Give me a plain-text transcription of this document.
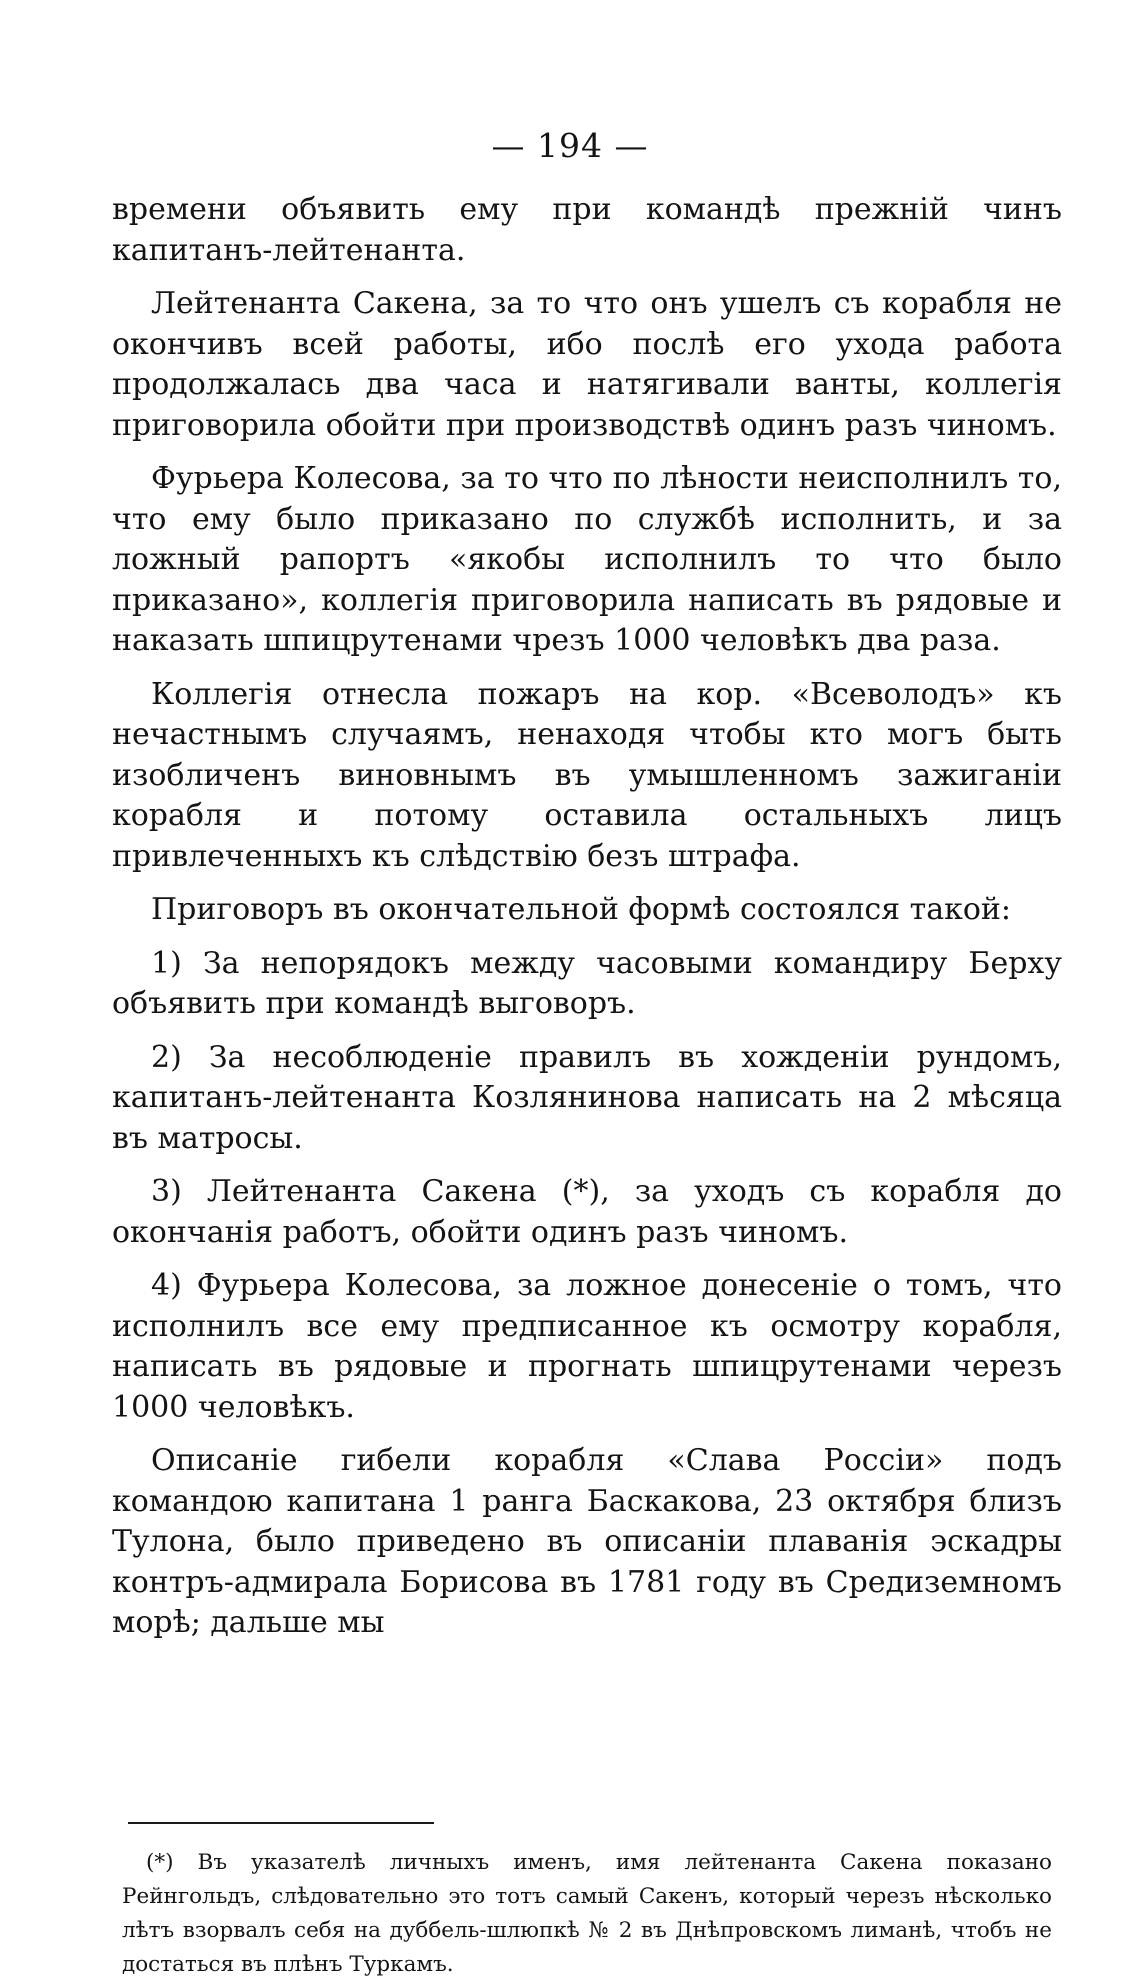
— 194 —

времени объявить ему при командѣ прежній чинъ капитанъ-лейтенанта.

Лейтенанта Сакена, за то что онъ ушелъ съ корабля не окончивъ всей работы, ибо послѣ его ухода работа продолжалась два часа и натягивали ванты, коллегія приговорила обойти при производствѣ одинъ разъ чиномъ.

Фурьера Колесова, за то что по лѣности неисполнилъ то, что ему было приказано по службѣ исполнить, и за ложный рапортъ «якобы исполнилъ то что было приказано», коллегія приговорила написать въ рядовые и наказать шпицрутенами чрезъ 1000 человѣкъ два раза.

Коллегія отнесла пожаръ на кор. «Всеволодъ» къ нечастнымъ случаямъ, ненаходя чтобы кто могъ быть изобличенъ виновнымъ въ умышленномъ зажиганіи корабля и потому оставила остальныхъ лицъ привлеченныхъ къ слѣдствію безъ штрафа.

Приговоръ въ окончательной формѣ состоялся такой:

1) За непорядокъ между часовыми командиру Берху объявить при командѣ выговоръ.

2) За несоблюденіе правилъ въ хожденіи рундомъ, капитанъ-лейтенанта Козлянинова написать на 2 мѣсяца въ матросы.

3) Лейтенанта Сакена (*), за уходъ съ корабля до окончанія работъ, обойти одинъ разъ чиномъ.

4) Фурьера Колесова, за ложное донесеніе о томъ, что исполнилъ все ему предписанное къ осмотру корабля, написать въ рядовые и прогнать шпицрутенами черезъ 1000 человѣкъ.

Описаніе гибели корабля «Слава Россіи» подъ командою капитана 1 ранга Баскакова, 23 октября близъ Тулона, было приведено въ описаніи плаванія эскадры контръ-адмирала Борисова въ 1781 году въ Средиземномъ морѣ; дальше мы

(*) Въ указателѣ личныхъ именъ, имя лейтенанта Сакена показано Рейнгольдъ, слѣдовательно это тотъ самый Сакенъ, который черезъ нѣсколько лѣтъ взорвалъ себя на дуббель-шлюпкѣ № 2 въ Днѣпровскомъ лиманѣ, чтобъ не достаться въ плѣнъ Туркамъ.
